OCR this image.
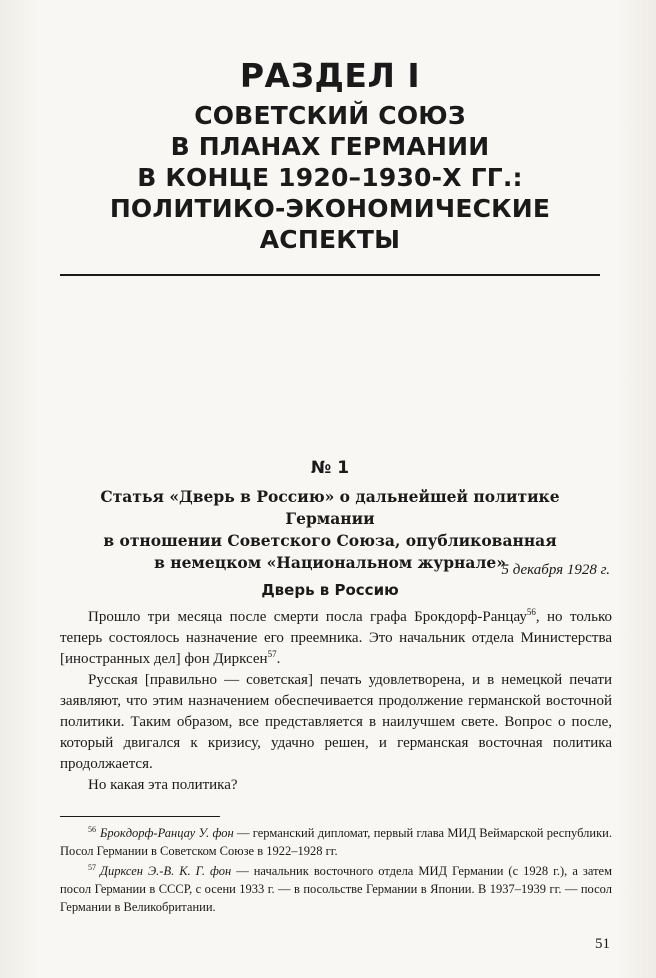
РАЗДЕЛ I
СОВЕТСКИЙ СОЮЗ
В ПЛАНАХ ГЕРМАНИИ
В КОНЦЕ 1920–1930-Х ГГ.:
ПОЛИТИКО-ЭКОНОМИЧЕСКИЕ
АСПЕКТЫ
№ 1
Статья «Дверь в Россию» о дальнейшей политике Германии
в отношении Советского Союза, опубликованная
в немецком «Национальном журнале»
5 декабря 1928 г.
Дверь в Россию

Прошло три месяца после смерти посла графа Брокдорф-Ранцау$^{56}$, но только теперь состоялось назначение его преемника. Это начальник отдела Министерства [иностранных дел] фон Дирксен$^{57}$.

Русская [правильно — советская] печать удовлетворена, и в немецкой печати заявляют, что этим назначением обеспечивается продолжение германской восточной политики. Таким образом, все представляется в наилучшем свете. Вопрос о после, который двигался к кризису, удачно решен, и германская восточная политика продолжается.

Но какая эта политика?

$^{56}$ Брокдорф-Ранцау У. фон — германский дипломат, первый глава МИД Веймарской республики. Посол Германии в Советском Союзе в 1922–1928 гг.

$^{57}$ Дирксен Э.-В. К. Г. фон — начальник восточного отдела МИД Германии (с 1928 г.), а затем посол Германии в СССР, с осени 1933 г. — в посольстве Германии в Японии. В 1937–1939 гг. — посол Германии в Великобритании.

51
